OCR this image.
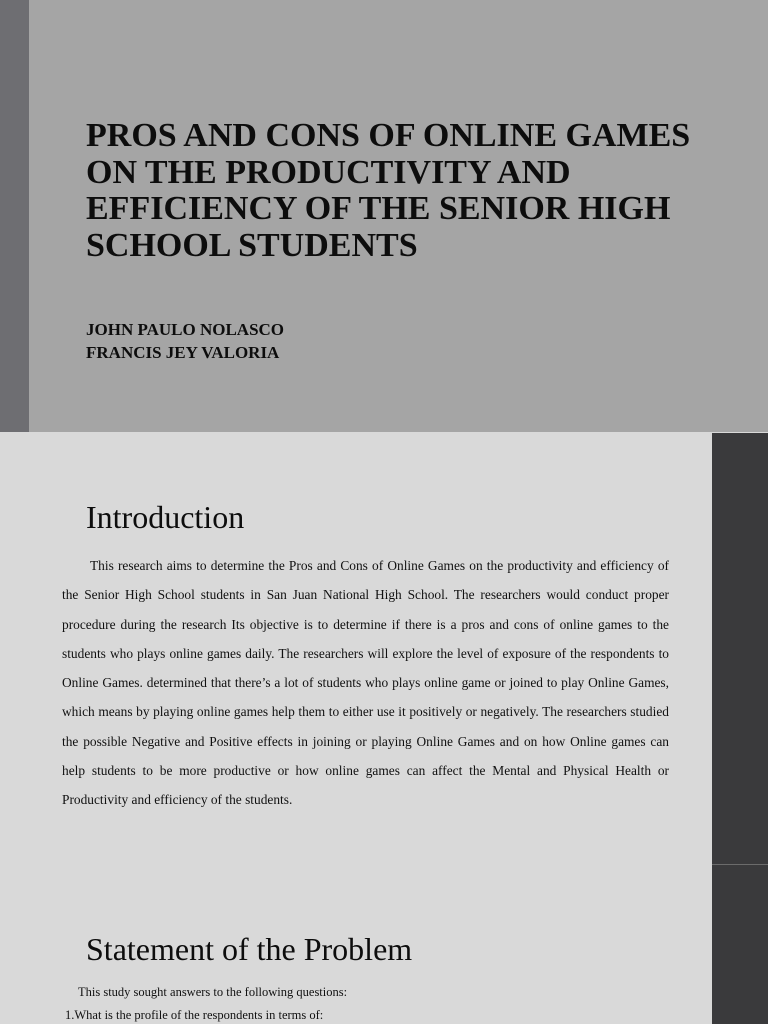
PROS AND CONS OF ONLINE GAMES ON THE PRODUCTIVITY AND EFFICIENCY OF THE SENIOR HIGH SCHOOL STUDENTS
JOHN PAULO NOLASCO
FRANCIS JEY VALORIA
Introduction

This research aims to determine the Pros and Cons of Online Games on the productivity and efficiency of the Senior High School students in San Juan National High School. The researchers would conduct proper procedure during the research Its objective is to determine if there is a pros and cons of online games to the students who plays online games daily. The researchers will explore the level of exposure of the respondents to Online Games. determined that there’s a lot of students who plays online game or joined to play Online Games, which means by playing online games help them to either use it positively or negatively. The researchers studied the possible Negative and Positive effects in joining or playing Online Games and on how Online games can help students to be more productive or how online games can affect the Mental and Physical Health or Productivity and efficiency of the students.

Statement of the Problem

This study sought answers to the following questions:

1.What is the profile of the respondents in terms of:
